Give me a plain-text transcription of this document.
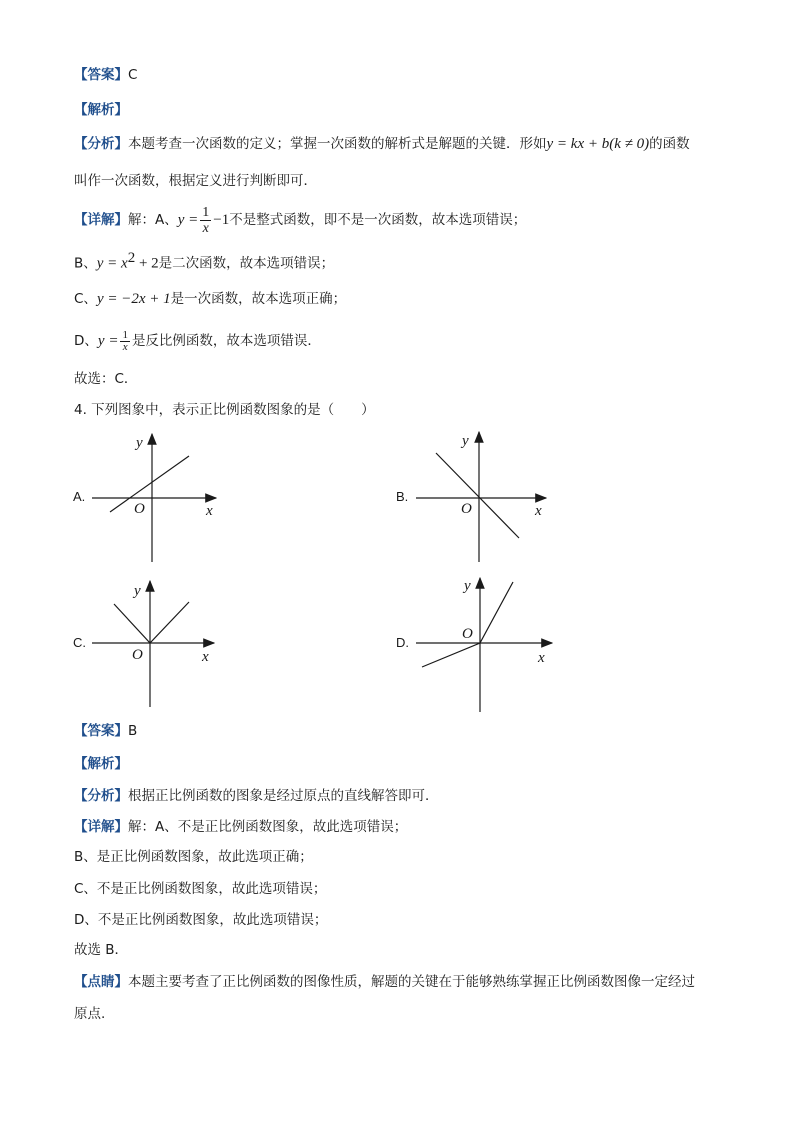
【答案】C
【解析】
【分析】本题考查一次函数的定义；掌握一次函数的解析式是解题的关键．形如y = kx + b(k ≠ 0)的函数
叫作一次函数，根据定义进行判断即可．
【详解】解：A、$y = \frac{1}{x} -1$不是整式函数，即不是一次函数，故本选项错误；
B、$y = x^2 + 2$是二次函数，故本选项错误；
C、y = −2x + 1是一次函数，故本选项正确；
D、$y = \frac{1}{x}$ 是反比例函数，故本选项错误．
故选：C．
4. 下列图象中，表示正比例函数图象的是（　　）
A.
y
x
O
B.
y
x
O
C.
y
x
O
D.
y
x
O
【答案】B
【解析】
【分析】根据正比例函数的图象是经过原点的直线解答即可．
【详解】解：A、不是正比例函数图象，故此选项错误；
B、是正比例函数图象，故此选项正确；
C、不是正比例函数图象，故此选项错误；
D、不是正比例函数图象，故此选项错误；
故选 B．
【点睛】本题主要考查了正比例函数的图像性质，解题的关键在于能够熟练掌握正比例函数图像一定经过
原点.
